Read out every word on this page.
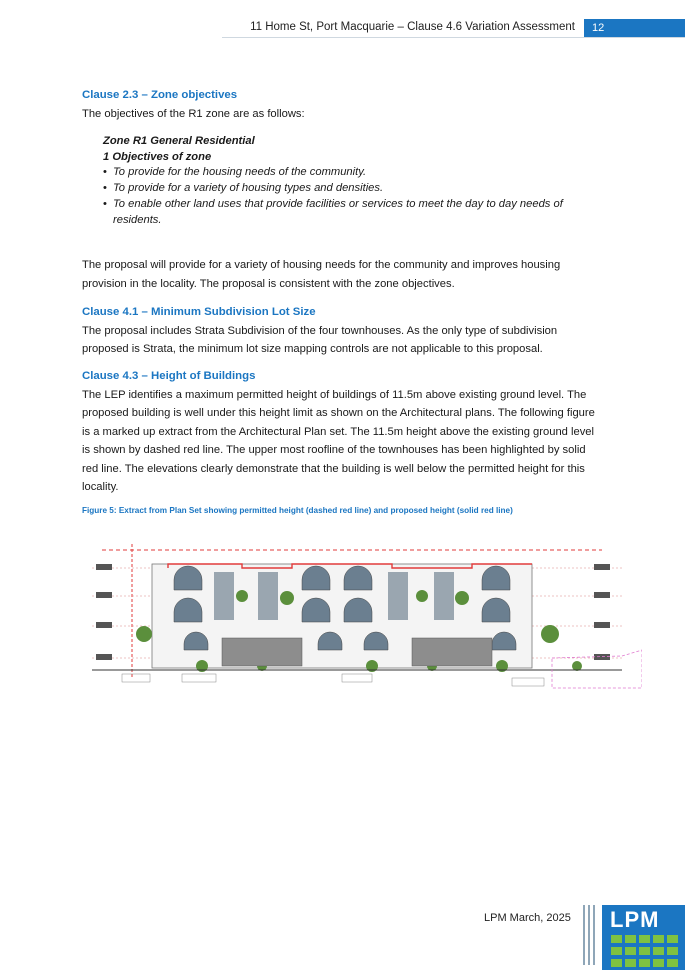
11 Home St, Port Macquarie – Clause 4.6 Variation Assessment	12
Clause 2.3 – Zone objectives
The objectives of the R1 zone are as follows:
Zone R1 General Residential
1 Objectives of zone
• To provide for the housing needs of the community.
• To provide for a variety of housing types and densities.
• To enable other land uses that provide facilities or services to meet the day to day needs of residents.
The proposal will provide for a variety of housing needs for the community and improves housing provision in the locality. The proposal is consistent with the zone objectives.
Clause 4.1 – Minimum Subdivision Lot Size
The proposal includes Strata Subdivision of the four townhouses. As the only type of subdivision proposed is Strata, the minimum lot size mapping controls are not applicable to this proposal.
Clause 4.3 – Height of Buildings
The LEP identifies a maximum permitted height of buildings of 11.5m above existing ground level. The proposed building is well under this height limit as shown on the Architectural plans. The following figure is a marked up extract from the Architectural Plan set. The 11.5m height above the existing ground level is shown by dashed red line. The upper most roofline of the townhouses has been highlighted by solid red line. The elevations clearly demonstrate that the building is well below the permitted height for this locality.
Figure 5: Extract from Plan Set showing permitted height (dashed red line) and proposed height (solid red line)
LPM March, 2025 LPM
